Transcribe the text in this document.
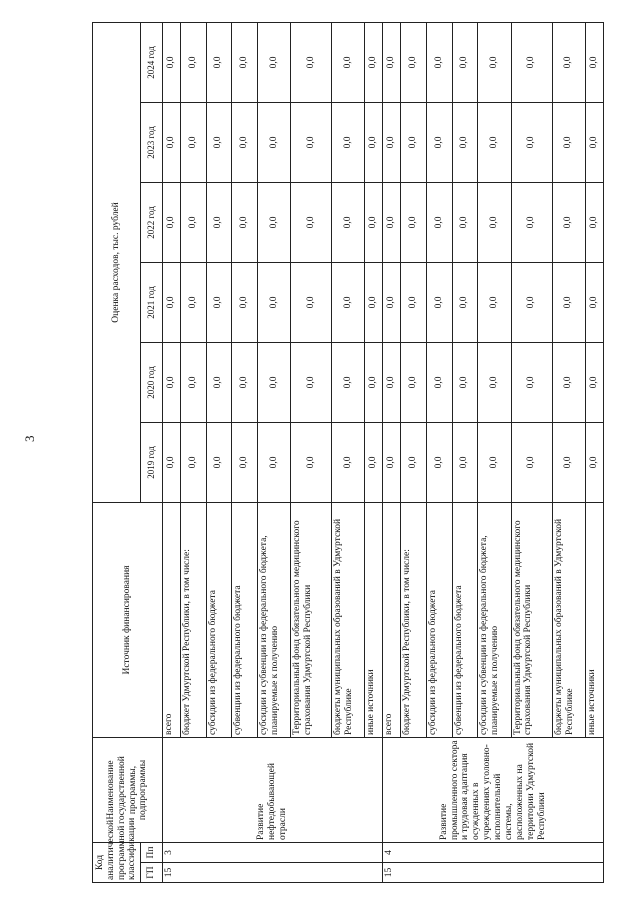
3
Код аналитической программной классификации		Наименование государственной программы, подпрограммы	Источник финансирования	Оценка расходов, тыс. рублей					
ГП	Пп			2019 год	2020 год	2021 год	2022 год	2023 год	2024 год
15	3	Развитие нефтедобывающей отрасли	всего	0,0	0,0	0,0	0,0	0,0	0,0
			бюджет Удмуртской Республики, в том числе:	0,0	0,0	0,0	0,0	0,0	0,0
			субсидии из федерального бюджета	0,0	0,0	0,0	0,0	0,0	0,0
			субвенции из федерального бюджета	0,0	0,0	0,0	0,0	0,0	0,0
			субсидии и субвенции из федерального бюджета, планируемые к получению	0,0	0,0	0,0	0,0	0,0	0,0
			Территориальный фонд обязательного медицинского страхования Удмуртской Республики	0,0	0,0	0,0	0,0	0,0	0,0
			бюджеты муниципальных образований в Удмуртской Республике	0,0	0,0	0,0	0,0	0,0	0,0
			иные источники	0,0	0,0	0,0	0,0	0,0	0,0
15	4	Развитие промышленного сектора и трудовая адаптация осужденных в учреждениях уголовно-исполнительной системы, расположенных на территории Удмуртской Республики	всего	0,0	0,0	0,0	0,0	0,0	0,0
			бюджет Удмуртской Республики, в том числе:	0,0	0,0	0,0	0,0	0,0	0,0
			субсидии из федерального бюджета	0,0	0,0	0,0	0,0	0,0	0,0
			субвенции из федерального бюджета	0,0	0,0	0,0	0,0	0,0	0,0
			субсидии и субвенции из федерального бюджета, планируемые к получению	0,0	0,0	0,0	0,0	0,0	0,0
			Территориальный фонд обязательного медицинского страхования Удмуртской Республики	0,0	0,0	0,0	0,0	0,0	0,0
			бюджеты муниципальных образований в Удмуртской Республике	0,0	0,0	0,0	0,0	0,0	0,0
			иные источники	0,0	0,0	0,0	0,0	0,0	0,0
